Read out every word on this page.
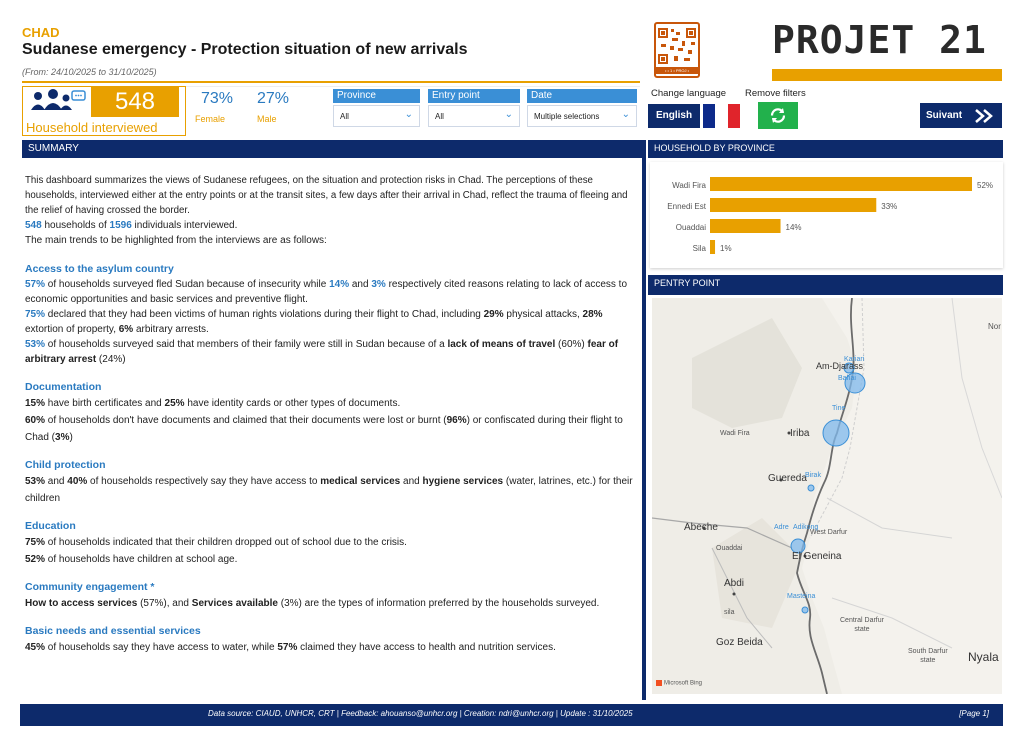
CHAD
Sudanese emergency - Protection situation of new arrivals
(From: 24/10/2025 to 31/10/2025)	• • 1 • PROJ •
PROJET 21
548
Household interviewed
73%
Female
27%
Male
Province
All	⌄
Entry point
All	⌄
Date
Multiple selections ⌄
Change language Remove filters
English	Suivant
SUMMARY
This dashboard summarizes the views of Sudanese refugees, on the situation and protection risks in Chad. The perceptions of these households, interviewed either at the entry points or at the transit sites, a few days after their arrival in Chad, reflect the trauma of fleeing and the relief of having crossed the border.
548 households of 1596 individuals interviewed.
The main trends to be highlighted from the interviews are as follows:
Access to the asylum country
57% of households surveyed fled Sudan because of insecurity while 14% and 3% respectively cited reasons relating to lack of access to economic opportunities and basic services and preventive flight.
75% declared that they had been victims of human rights violations during their flight to Chad, including 29% physical attacks, 28% extortion of property, 6% arbitrary arrests.
53% of households surveyed said that members of their family were still in Sudan because of a lack of means of travel (60%) fear of arbitrary arrest (24%)
Documentation
15% have birth certificates and 25% have identity cards or other types of documents.
60% of households don't have documents and claimed that their documents were lost or burnt (96%) or confiscated during their flight to Chad (3%)
Child protection
53% and 40% of households respectively say they have access to medical services and hygiene services (water, latrines, etc.) for their children
Education
75% of households indicated that their children dropped out of school due to the crisis.
52% of households have children at school age.
Community engagement *
How to access services (57%), and Services available (3%) are the types of information preferred by the households surveyed.
Basic needs and essential services
45% of households say they have access to water, while 57% claimed they have access to health and nutrition services.
HOUSEHOLD BY PROVINCE
Wadi Fira	52%
Ennedi Est	33%
Ouaddai	14%
Sila 1%
PENTRY POINT
Nor
Am-Djarass
Kariari
Bahai
Tine
Wadi Fira	Iriba
Guereda
Birak
Abeche	Adre Adikong
West Darfur
Ouaddai
El Geneina
Abdi
Masteina
sila
Central Darfur
state
Goz Beida
South Darfur
state	Nyala
Microsoft Bing
Data source: CIAUD, UNHCR, CRT | Feedback: ahouanso@unhcr.org | Creation: ndri@unhcr.org | Update : 31/10/2025	[Page 1]
